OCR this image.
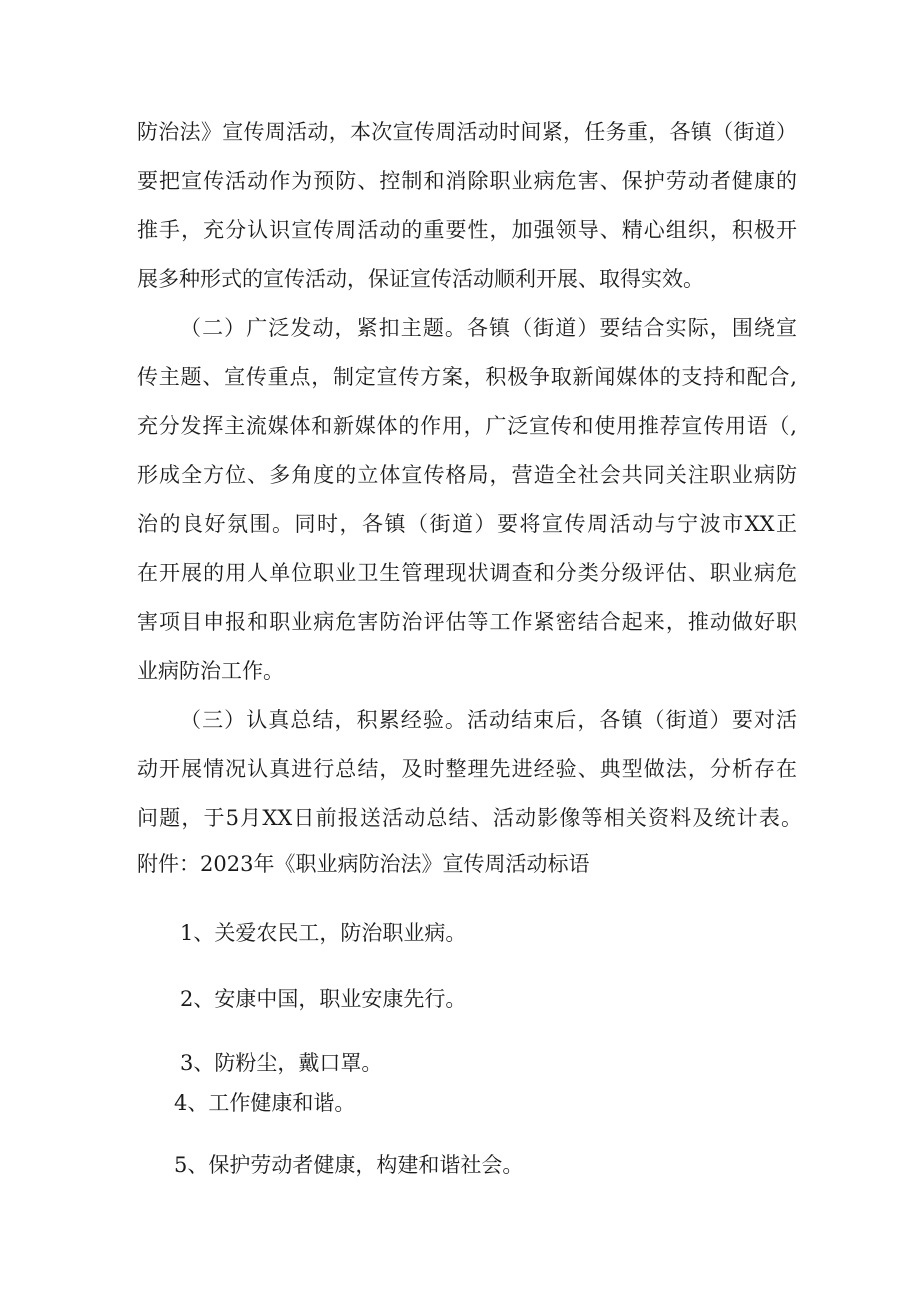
防治法》宣传周活动，本次宣传周活动时间紧，任务重，各镇（街道）
要把宣传活动作为预防、控制和消除职业病危害、保护劳动者健康的
推手，充分认识宣传周活动的重要性，加强领导、精心组织，积极开
展多种形式的宣传活动，保证宣传活动顺利开展、取得实效。
（二）广泛发动，紧扣主题。各镇（街道）要结合实际，围绕宣
传主题、宣传重点，制定宣传方案，积极争取新闻媒体的支持和配合,
充分发挥主流媒体和新媒体的作用，广泛宣传和使用推荐宣传用语（,
形成全方位、多角度的立体宣传格局，营造全社会共同关注职业病防
治的良好氛围。同时，各镇（街道）要将宣传周活动与宁波市XX正
在开展的用人单位职业卫生管理现状调查和分类分级评估、职业病危
害项目申报和职业病危害防治评估等工作紧密结合起来，推动做好职
业病防治工作。
（三）认真总结，积累经验。活动结束后，各镇（街道）要对活
动开展情况认真进行总结，及时整理先进经验、典型做法，分析存在
问题，于5月XX日前报送活动总结、活动影像等相关资料及统计表。
附件：2023年《职业病防治法》宣传周活动标语
1、关爱农民工，防治职业病。
2、安康中国，职业安康先行。
3、防粉尘，戴口罩。
4、工作健康和谐。
5、保护劳动者健康，构建和谐社会。
